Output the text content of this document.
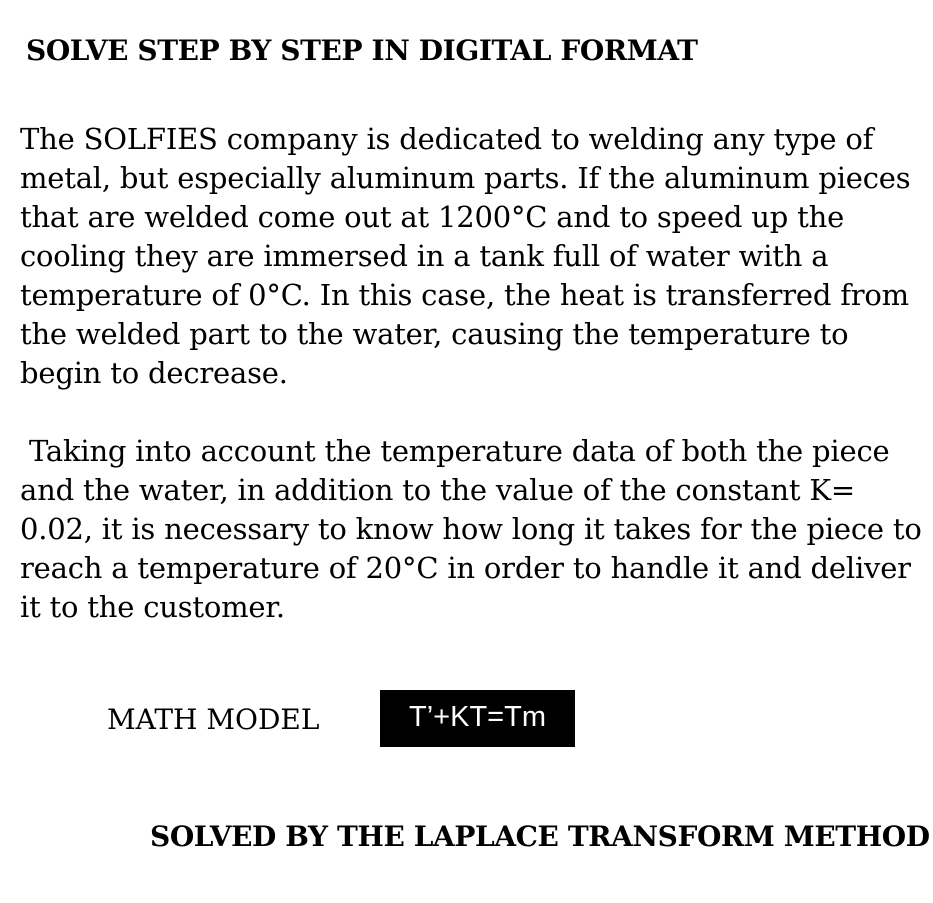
SOLVE STEP BY STEP IN DIGITAL FORMAT

The SOLFIES company is dedicated to welding any type of
metal, but especially aluminum parts. If the aluminum pieces
that are welded come out at 1200°C and to speed up the
cooling they are immersed in a tank full of water with a
temperature of 0°C. In this case, the heat is transferred from
the welded part to the water, causing the temperature to
begin to decrease.

Taking into account the temperature data of both the piece
and the water, in addition to the value of the constant K=
0.02, it is necessary to know how long it takes for the piece to
reach a temperature of 20°C in order to handle it and deliver
it to the customer.

MATH MODEL	T’+KT=Tm
SOLVED BY THE LAPLACE TRANSFORM METHOD
